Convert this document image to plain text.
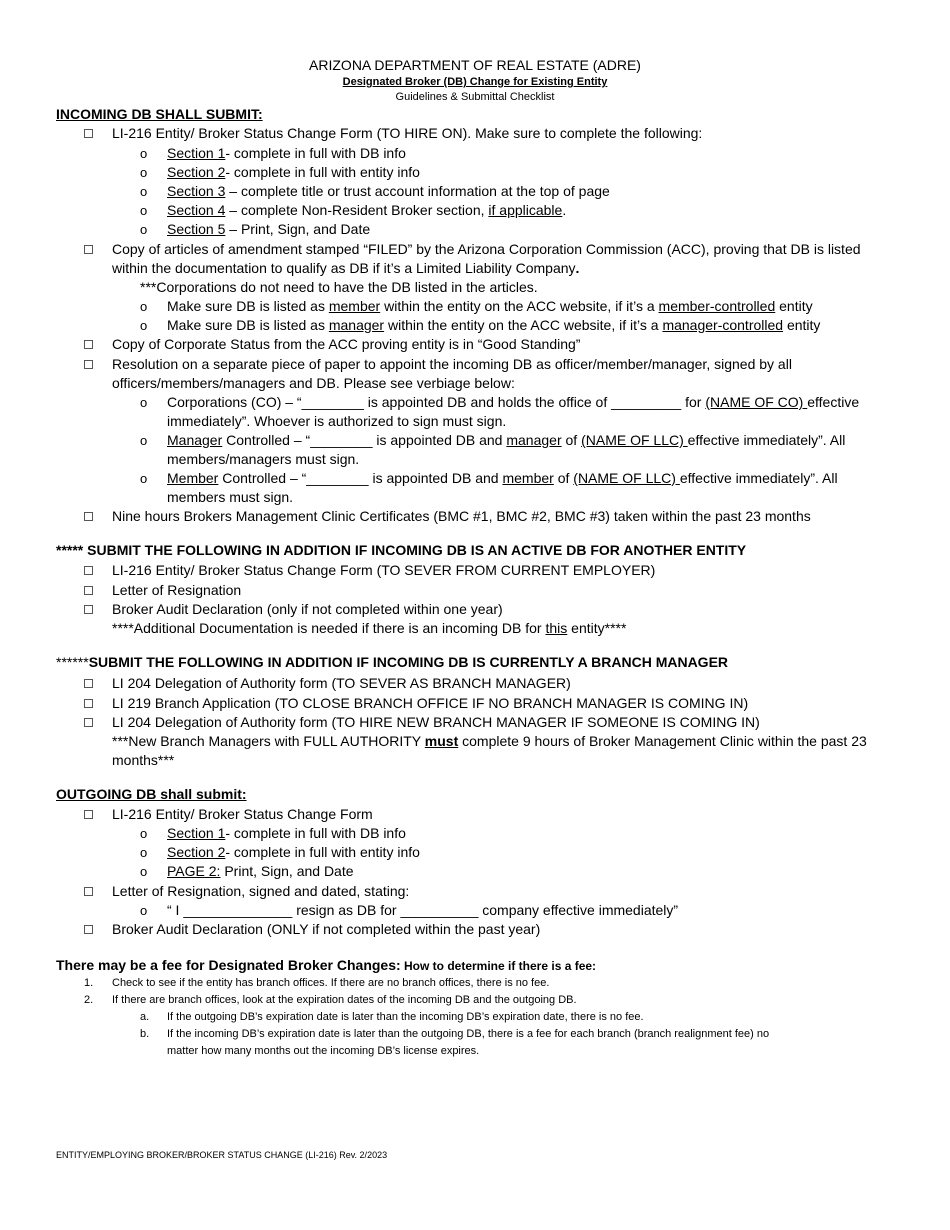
ARIZONA DEPARTMENT OF REAL ESTATE (ADRE)
Designated Broker (DB) Change for Existing Entity
Guidelines & Submittal Checklist
INCOMING DB SHALL SUBMIT:
LI-216 Entity/ Broker Status Change Form (TO HIRE ON). Make sure to complete the following:
o Section 1- complete in full with DB info
o Section 2- complete in full with entity info
o Section 3 – complete title or trust account information at the top of page
o Section 4 – complete Non-Resident Broker section, if applicable.
o Section 5 – Print, Sign, and Date
Copy of articles of amendment stamped “FILED” by the Arizona Corporation Commission (ACC), proving that DB is listed
within the documentation to qualify as DB if it’s a Limited Liability Company.
***Corporations do not need to have the DB listed in the articles.
o Make sure DB is listed as member within the entity on the ACC website, if it’s a member-controlled entity
o Make sure DB is listed as manager within the entity on the ACC website, if it’s a manager-controlled entity
Copy of Corporate Status from the ACC proving entity is in “Good Standing”
Resolution on a separate piece of paper to appoint the incoming DB as officer/member/manager, signed by all
officers/members/managers and DB. Please see verbiage below:
o Corporations (CO) – “________ is appointed DB and holds the office of _________ for (NAME OF CO) effective
immediately”. Whoever is authorized to sign must sign.
o Manager Controlled – “________ is appointed DB and manager of (NAME OF LLC) effective immediately”. All
members/managers must sign.
o Member Controlled – “________ is appointed DB and member of (NAME OF LLC) effective immediately”. All
members must sign.
Nine hours Brokers Management Clinic Certificates (BMC #1, BMC #2, BMC #3) taken within the past 23 months
***** SUBMIT THE FOLLOWING IN ADDITION IF INCOMING DB IS AN ACTIVE DB FOR ANOTHER ENTITY
LI-216 Entity/ Broker Status Change Form (TO SEVER FROM CURRENT EMPLOYER)
Letter of Resignation
Broker Audit Declaration (only if not completed within one year)
****Additional Documentation is needed if there is an incoming DB for this entity****
******SUBMIT THE FOLLOWING IN ADDITION IF INCOMING DB IS CURRENTLY A BRANCH MANAGER
LI 204 Delegation of Authority form (TO SEVER AS BRANCH MANAGER)
LI 219 Branch Application (TO CLOSE BRANCH OFFICE IF NO BRANCH MANAGER IS COMING IN)
LI 204 Delegation of Authority form (TO HIRE NEW BRANCH MANAGER IF SOMEONE IS COMING IN)
***New Branch Managers with FULL AUTHORITY must complete 9 hours of Broker Management Clinic within the past 23
months***
OUTGOING DB shall submit:
LI-216 Entity/ Broker Status Change Form
o Section 1- complete in full with DB info
o Section 2- complete in full with entity info
o PAGE 2: Print, Sign, and Date
Letter of Resignation, signed and dated, stating:
o “ I ______________ resign as DB for __________ company effective immediately”
Broker Audit Declaration (ONLY if not completed within the past year)
There may be a fee for Designated Broker Changes: How to determine if there is a fee:
1. Check to see if the entity has branch offices. If there are no branch offices, there is no fee.
2. If there are branch offices, look at the expiration dates of the incoming DB and the outgoing DB.
a. If the outgoing DB’s expiration date is later than the incoming DB’s expiration date, there is no fee.
b. If the incoming DB’s expiration date is later than the outgoing DB, there is a fee for each branch (branch realignment fee) no
matter how many months out the incoming DB’s license expires.
ENTITY/EMPLOYING BROKER/BROKER STATUS CHANGE (LI-216) Rev. 2/2023
